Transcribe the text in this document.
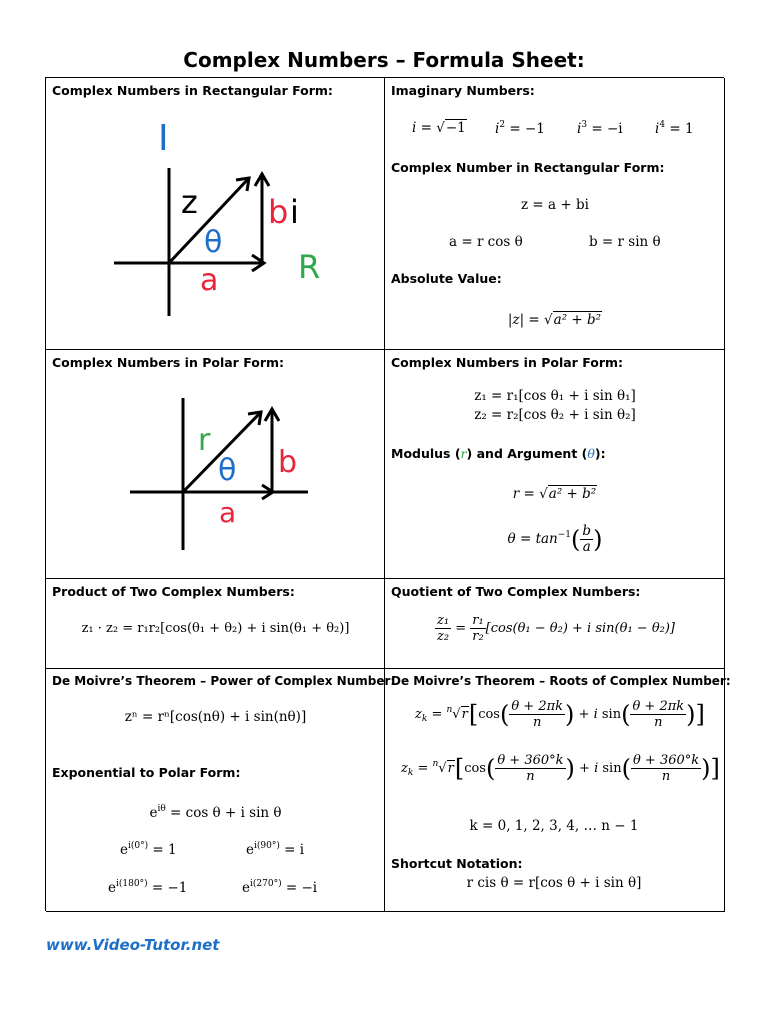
Complex Numbers – Formula Sheet:
Complex Numbers in Rectangular Form:
I
R
z
θ
a
b i
Imaginary Numbers:
i = √−1 $i^2 = -1$ $i^3 = -i$ $i^4 = 1$
Complex Number in Rectangular Form:
z = a + bi
a = r cos θ	b = r sin θ
Absolute Value:
|z| = √a² + b²
Complex Numbers in Polar Form:
r
θ
a
b
Complex Numbers in Polar Form:
z₁ = r₁[cos θ₁ + i sin θ₁]
z₂ = r₂[cos θ₂ + i sin θ₂]
Modulus (r) and Argument (θ):
r = √a² + b²
$\theta = \tan^{-1}( \frac{b}{a}$ )
Product of Two Complex Numbers:
z₁ · z₂ = r₁r₂[cos(θ₁ + θ₂) + i sin(θ₁ + θ₂)]
Quotient of Two Complex Numbers:
$\frac{\text{z₁}}{\text{z₂}} = \frac{\text{r₁}}{\text{r₂}} [\cos(\theta_1 - \theta_2) + i$ sin(θ₁ − θ₂)]
De Moivre’s Theorem – Power of Complex Number:
zⁿ = rⁿ[cos(nθ) + i sin(nθ)]
Exponential to Polar Form:
$e^{i\theta} = \cos \theta + i$ sin θ
$e^{i(0^\circ)} = 1$	$e^{i(90^\circ)} = i$
$e^{i(180^\circ)} = -1$	$e^{i(270^\circ)} = -i$
De Moivre’s Theorem – Roots of Complex Number:
$z_k = ^n√r[\cos( \frac{\theta + 2\pi k}{n}$ ) + i $\sin( \frac{\theta + 2\pi k}{n}$ )]
$z_k = ^n√r[\cos( \frac{\theta + 360^\circ k}{n}$ ) + i $\sin( \frac{\theta + 360^\circ k}{n}$ )]
k = 0, 1, 2, 3, 4, … n − 1
Shortcut Notation:
r cis θ = r[cos θ + i sin θ]
www.Video-Tutor.net
